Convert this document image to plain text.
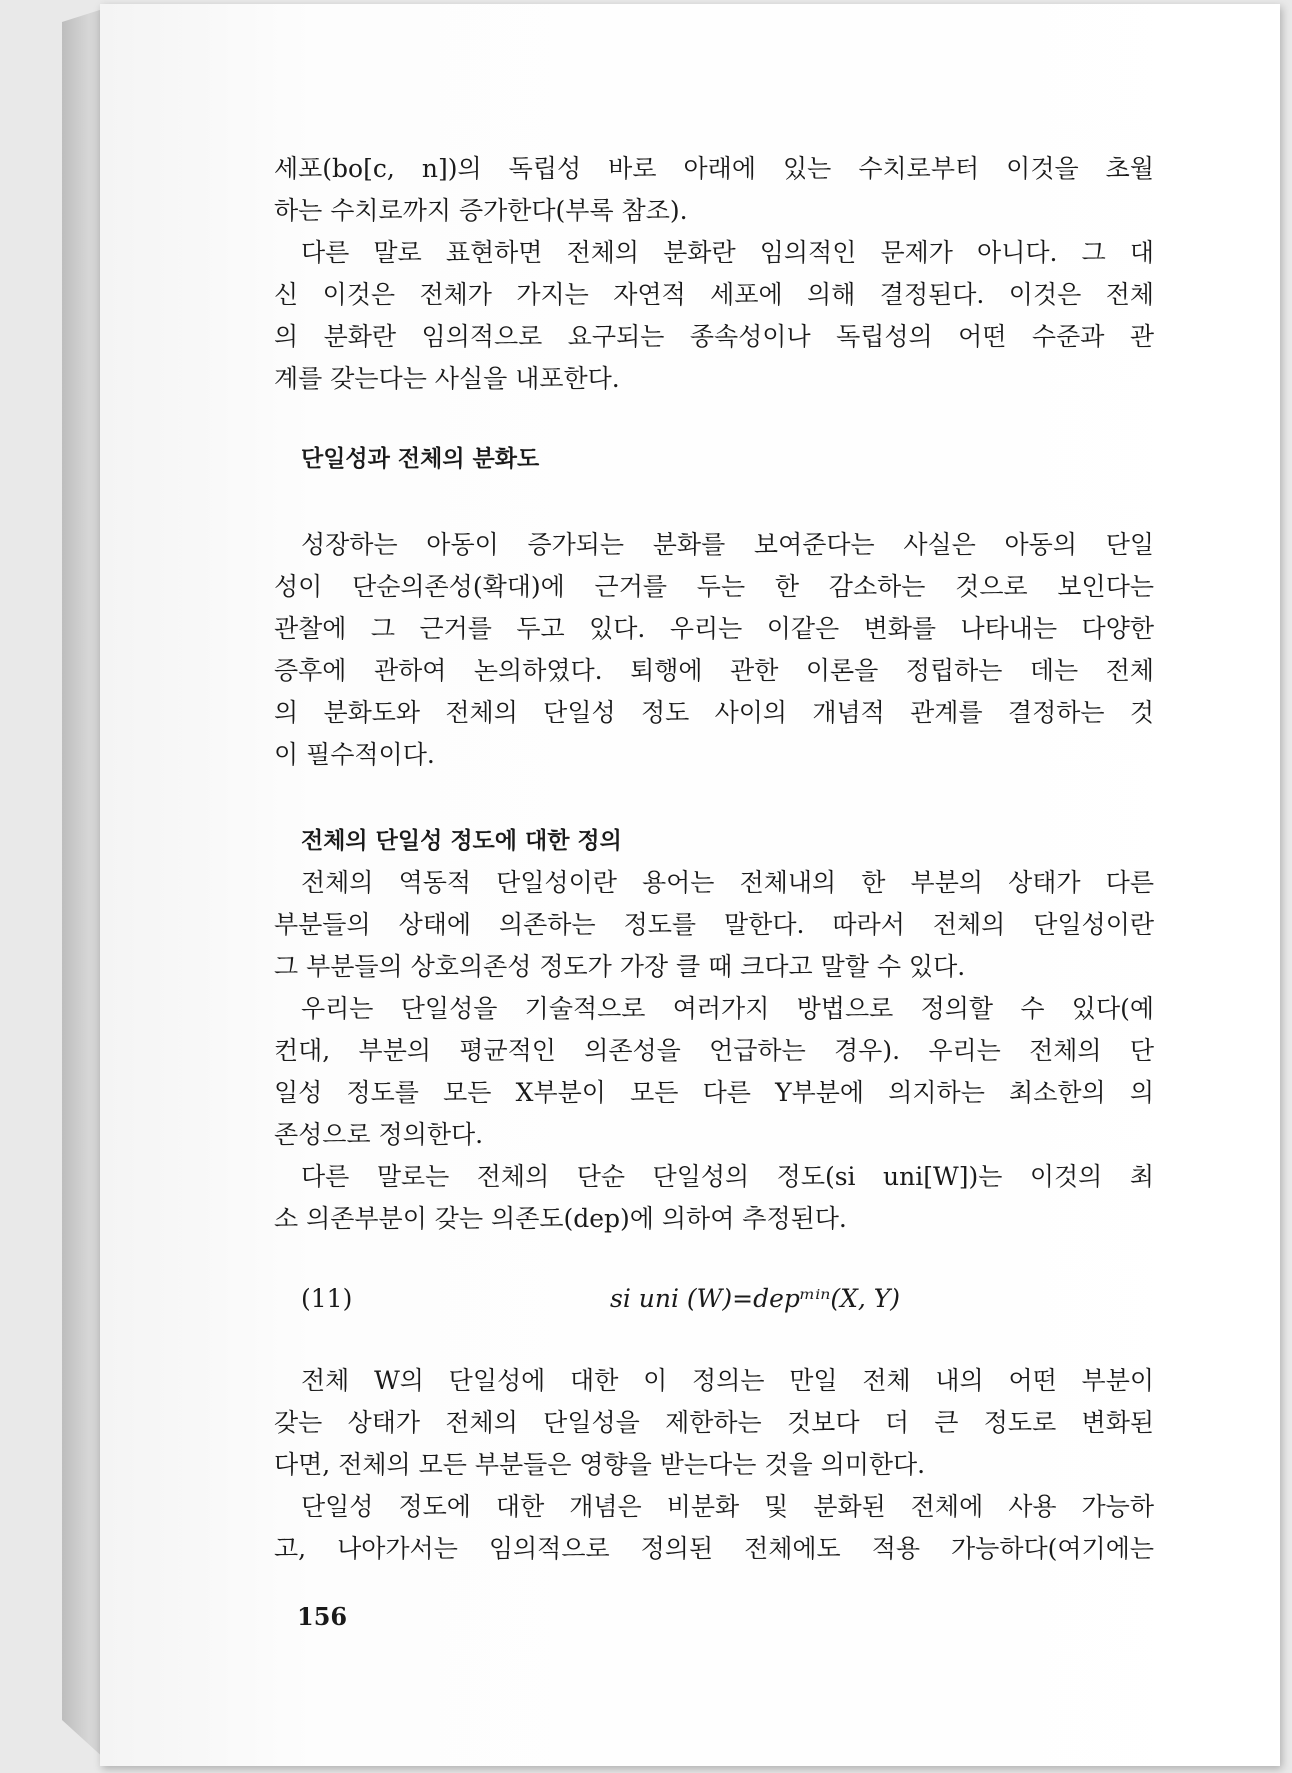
세포(bo[c, n])의 독립성 바로 아래에 있는 수치로부터 이것을 초월
하는 수치로까지 증가한다(부록 참조).
다른 말로 표현하면 전체의 분화란 임의적인 문제가 아니다. 그 대
신 이것은 전체가 가지는 자연적 세포에 의해 결정된다. 이것은 전체
의 분화란 임의적으로 요구되는 종속성이나 독립성의 어떤 수준과 관
계를 갖는다는 사실을 내포한다.
단일성과 전체의 분화도
성장하는 아동이 증가되는 분화를 보여준다는 사실은 아동의 단일
성이 단순의존성(확대)에 근거를 두는 한 감소하는 것으로 보인다는
관찰에 그 근거를 두고 있다. 우리는 이같은 변화를 나타내는 다양한
증후에 관하여 논의하였다. 퇴행에 관한 이론을 정립하는 데는 전체
의 분화도와 전체의 단일성 정도 사이의 개념적 관계를 결정하는 것
이 필수적이다.
전체의 단일성 정도에 대한 정의
전체의 역동적 단일성이란 용어는 전체내의 한 부분의 상태가 다른
부분들의 상태에 의존하는 정도를 말한다. 따라서 전체의 단일성이란
그 부분들의 상호의존성 정도가 가장 클 때 크다고 말할 수 있다.
우리는 단일성을 기술적으로 여러가지 방법으로 정의할 수 있다(예
컨대, 부분의 평균적인 의존성을 언급하는 경우). 우리는 전체의 단
일성 정도를 모든 X부분이 모든 다른 Y부분에 의지하는 최소한의 의
존성으로 정의한다.
다른 말로는 전체의 단순 단일성의 정도(si uni[W])는 이것의 최
소 의존부분이 갖는 의존도(dep)에 의하여 추정된다.
(11)	si uni (W)=depᵐⁱⁿ(X, Y)
전체 W의 단일성에 대한 이 정의는 만일 전체 내의 어떤 부분이
갖는 상태가 전체의 단일성을 제한하는 것보다 더 큰 정도로 변화된
다면, 전체의 모든 부분들은 영향을 받는다는 것을 의미한다.
단일성 정도에 대한 개념은 비분화 및 분화된 전체에 사용 가능하
고, 나아가서는 임의적으로 정의된 전체에도 적용 가능하다(여기에는
156
